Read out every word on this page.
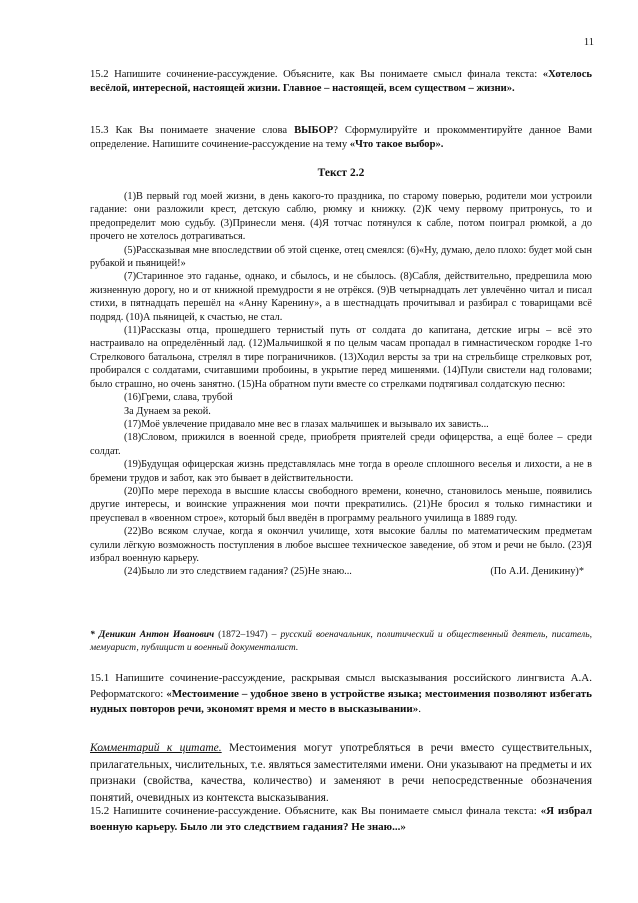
11
15.2 Напишите сочинение-рассуждение. Объясните, как Вы понимаете смысл финала текста: «Хотелось весёлой, интересной, настоящей жизни. Главное – настоящей, всем существом – жизни».
15.3 Как Вы понимаете значение слова ВЫБОР? Сформулируйте и прокомментируйте данное Вами определение. Напишите сочинение-рассуждение на тему «Что такое выбор».
Текст 2.2

(1)В первый год моей жизни, в день какого-то праздника, по старому поверью, родители мои устроили гадание: они разложили крест, детскую саблю, рюмку и книжку. (2)К чему первому притронусь, то и предопределит мою судьбу. (3)Принесли меня. (4)Я тотчас потянулся к сабле, потом поиграл рюмкой, а до прочего не хотелось дотрагиваться.

(5)Рассказывая мне впоследствии об этой сценке, отец смеялся: (6)«Ну, думаю, дело плохо: будет мой сын рубакой и пьяницей!»

(7)Старинное это гаданье, однако, и сбылось, и не сбылось. (8)Сабля, действительно, предрешила мою жизненную дорогу, но и от книжной премудрости я не отрёкся. (9)В четырнадцать лет увлечённо читал и писал стихи, в пятнадцать перешёл на «Анну Каренину», а в шестнадцать прочитывал и разбирал с товарищами всё подряд. (10)А пьяницей, к счастью, не стал.

(11)Рассказы отца, прошедшего тернистый путь от солдата до капитана, детские игры – всё это настраивало на определённый лад. (12)Мальчишкой я по целым часам пропадал в гимнастическом городке 1-го Стрелкового батальона, стрелял в тире пограничников. (13)Ходил версты за три на стрельбище стрелковых рот, пробирался с солдатами, считавшими пробоины, в укрытие перед мишенями. (14)Пули свистели над головами; было страшно, но очень занятно. (15)На обратном пути вместе со стрелками подтягивал солдатскую песню:

(16)Греми, слава, трубой

За Дунаем за рекой.

(17)Моё увлечение придавало мне вес в глазах мальчишек и вызывало их зависть...

(18)Словом, прижился в военной среде, приобретя приятелей среди офицерства, а ещё более – среди солдат.

(19)Будущая офицерская жизнь представлялась мне тогда в ореоле сплошного веселья и лихости, а не в бремени трудов и забот, как это бывает в действительности.

(20)По мере перехода в высшие классы свободного времени, конечно, становилось меньше, появились другие интересы, и воинские упражнения мои почти прекратились. (21)Не бросил я только гимнастики и преуспевал в «военном строе», который был введён в программу реального училища в 1889 году.

(22)Во всяком случае, когда я окончил училище, хотя высокие баллы по математическим предметам сулили лёгкую возможность поступления в любое высшее техническое заведение, об этом и речи не было. (23)Я избрал военную карьеру.

(24)Было ли это следствием гадания? (25)Не знаю...	(По А.И. Деникину)*
* Деникин Антон Иванович (1872–1947) – русский военачальник, политический и общественный деятель, писатель, мемуарист, публицист и военный документалист.
15.1 Напишите сочинение-рассуждение, раскрывая смысл высказывания российского лингвиста А.А. Реформатского: «Местоимение – удобное звено в устройстве языка; местоимения позволяют избегать нудных повторов речи, экономят время и место в высказывании».
Комментарий к цитате. Местоимения могут употребляться в речи вместо существительных, прилагательных, числительных, т.е. являться заместителями имени. Они указывают на предметы и их признаки (свойства, качества, количество) и заменяют в речи непосредственные обозначения понятий, очевидных из контекста высказывания.
15.2 Напишите сочинение-рассуждение. Объясните, как Вы понимаете смысл финала текста: «Я избрал военную карьеру. Было ли это следствием гадания? Не знаю...»
